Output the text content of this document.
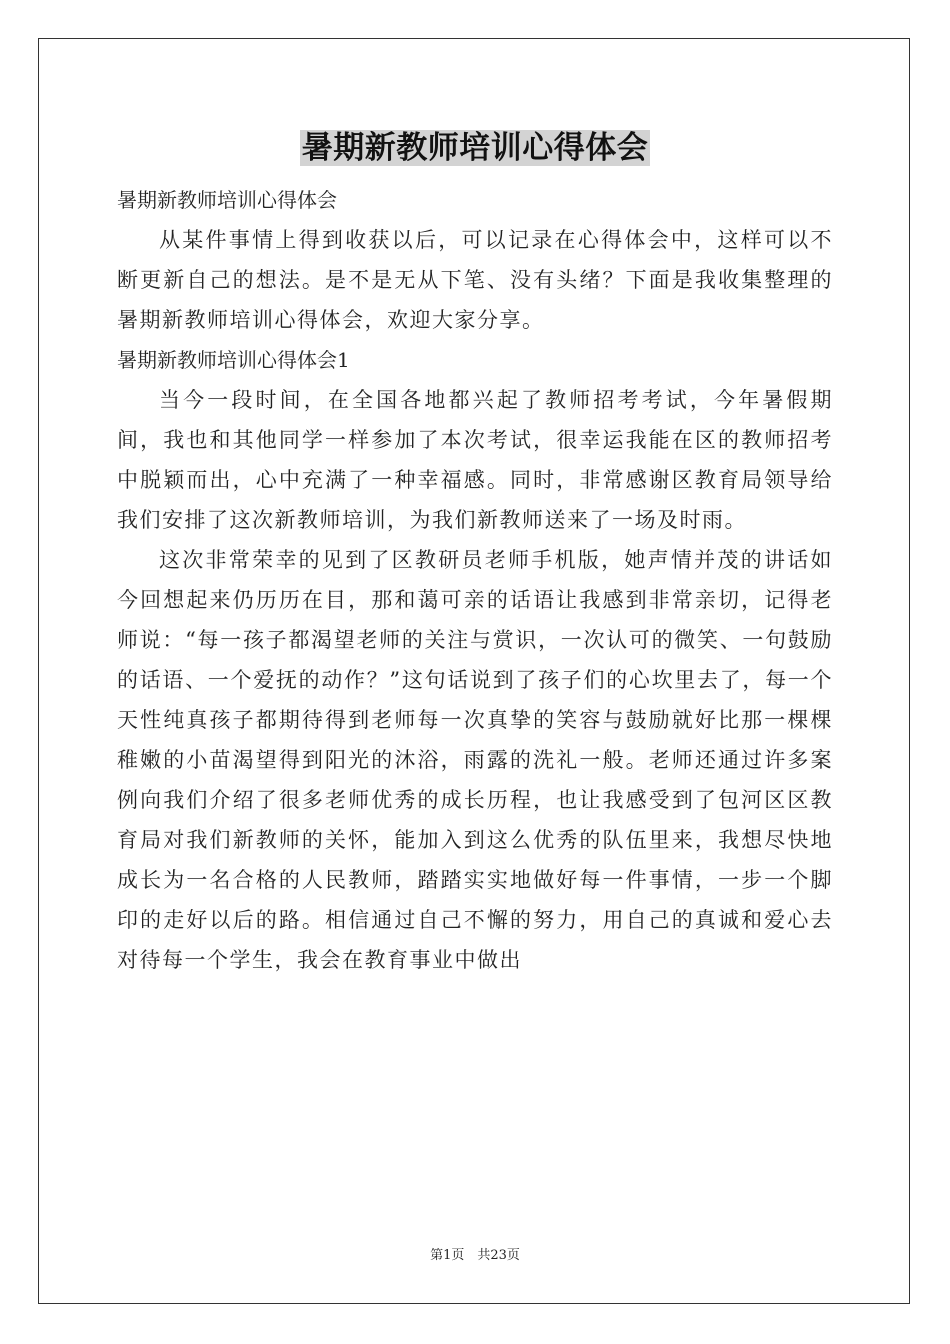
暑期新教师培训心得体会

暑期新教师培训心得体会

从某件事情上得到收获以后，可以记录在心得体会中，这样可以不断更新自己的想法。是不是无从下笔、没有头绪？下面是我收集整理的暑期新教师培训心得体会，欢迎大家分享。

暑期新教师培训心得体会1

当今一段时间，在全国各地都兴起了教师招考考试，今年暑假期间，我也和其他同学一样参加了本次考试，很幸运我能在区的教师招考中脱颖而出，心中充满了一种幸福感。同时，非常感谢区教育局领导给我们安排了这次新教师培训，为我们新教师送来了一场及时雨。

这次非常荣幸的见到了区教研员老师手机版，她声情并茂的讲话如今回想起来仍历历在目，那和蔼可亲的话语让我感到非常亲切，记得老师说：“每一孩子都渴望老师的关注与赏识，一次认可的微笑、一句鼓励的话语、一个爱抚的动作？”这句话说到了孩子们的心坎里去了，每一个天性纯真孩子都期待得到老师每一次真挚的笑容与鼓励就好比那一棵棵稚嫩的小苗渴望得到阳光的沐浴，雨露的洗礼一般。老师还通过许多案例向我们介绍了很多老师优秀的成长历程，也让我感受到了包河区区教育局对我们新教师的关怀，能加入到这么优秀的队伍里来，我想尽快地成长为一名合格的人民教师，踏踏实实地做好每一件事情，一步一个脚印的走好以后的路。相信通过自己不懈的努力，用自己的真诚和爱心去对待每一个学生，我会在教育事业中做出

第1页　共23页
